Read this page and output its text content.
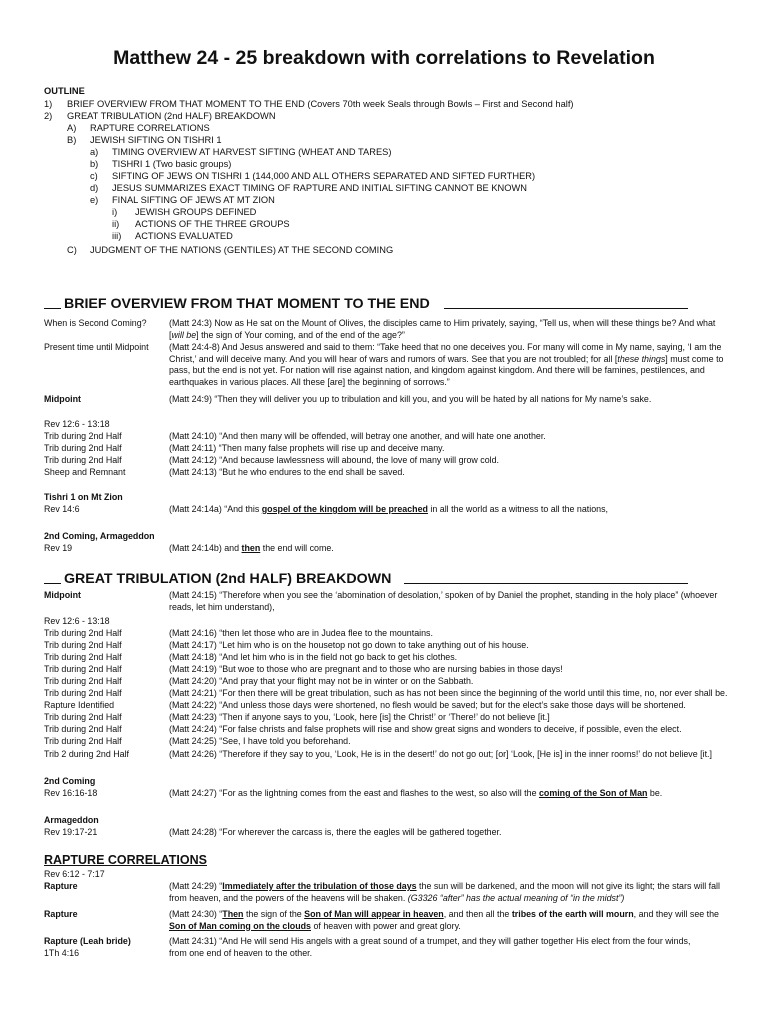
Matthew 24 - 25 breakdown with correlations to Revelation
OUTLINE
1) BRIEF OVERVIEW FROM THAT MOMENT TO THE END (Covers 70th week Seals through Bowls – First and Second half)
2) GREAT TRIBULATION (2nd HALF) BREAKDOWN
A) RAPTURE CORRELATIONS
B) JEWISH SIFTING ON TISHRI 1
a) TIMING OVERVIEW AT HARVEST SIFTING (WHEAT AND TARES)
b) TISHRI 1 (Two basic groups)
c) SIFTING OF JEWS ON TISHRI 1 (144,000 AND ALL OTHERS SEPARATED AND SIFTED FURTHER)
d) JESUS SUMMARIZES EXACT TIMING OF RAPTURE AND INITIAL SIFTING CANNOT BE KNOWN
e) FINAL SIFTING OF JEWS AT MT ZION
i) JEWISH GROUPS DEFINED
ii) ACTIONS OF THE THREE GROUPS
iii) ACTIONS EVALUATED
C) JUDGMENT OF THE NATIONS (GENTILES) AT THE SECOND COMING
BRIEF OVERVIEW FROM THAT MOMENT TO THE END
When is Second Coming?	(Matt 24:3) Now as He sat on the Mount of Olives, the disciples came to Him privately, saying, “Tell us, when will these things be? And what [will be] the sign of Your coming, and of the end of the age?”
Present time until Midpoint	(Matt 24:4-8) And Jesus answered and said to them: “Take heed that no one deceives you. For many will come in My name, saying, ‘I am the Christ,’ and will deceive many. And you will hear of wars and rumors of wars. See that you are not troubled; for all [these things] must come to pass, but the end is not yet. For nation will rise against nation, and kingdom against kingdom. And there will be famines, pestilences, and earthquakes in various places. All these [are] the beginning of sorrows.”
Midpoint	(Matt 24:9) “Then they will deliver you up to tribulation and kill you, and you will be hated by all nations for My name’s sake.
Rev 12:6 - 13:18
Trib during 2nd Half	(Matt 24:10) “And then many will be offended, will betray one another, and will hate one another.
Trib during 2nd Half	(Matt 24:11) “Then many false prophets will rise up and deceive many.
Trib during 2nd Half	(Matt 24:12) “And because lawlessness will abound, the love of many will grow cold.
Sheep and Remnant	(Matt 24:13) “But he who endures to the end shall be saved.
Tishri 1 on Mt Zion
Rev 14:6	(Matt 24:14a) “And this gospel of the kingdom will be preached in all the world as a witness to all the nations,
2nd Coming, Armageddon
Rev 19	(Matt 24:14b) and then the end will come.
GREAT TRIBULATION (2nd HALF) BREAKDOWN
Midpoint	(Matt 24:15) “Therefore when you see the ‘abomination of desolation,’ spoken of by Daniel the prophet, standing in the holy place” (whoever reads, let him understand),
Rev 12:6 - 13:18
Trib during 2nd Half	(Matt 24:16) “then let those who are in Judea flee to the mountains.
Trib during 2nd Half	(Matt 24:17) “Let him who is on the housetop not go down to take anything out of his house.
Trib during 2nd Half	(Matt 24:18) “And let him who is in the field not go back to get his clothes.
Trib during 2nd Half	(Matt 24:19) “But woe to those who are pregnant and to those who are nursing babies in those days!
Trib during 2nd Half	(Matt 24:20) “And pray that your flight may not be in winter or on the Sabbath.
Trib during 2nd Half	(Matt 24:21) “For then there will be great tribulation, such as has not been since the beginning of the world until this time, no, nor ever shall be.
Rapture Identified	(Matt 24:22) “And unless those days were shortened, no flesh would be saved; but for the elect’s sake those days will be shortened.
Trib during 2nd Half	(Matt 24:23) “Then if anyone says to you, ‘Look, here [is] the Christ!’ or ‘There!’ do not believe [it.]
Trib during 2nd Half	(Matt 24:24) “For false christs and false prophets will rise and show great signs and wonders to deceive, if possible, even the elect.
Trib during 2nd Half	(Matt 24:25) “See, I have told you beforehand.
Trib 2 during 2nd Half	(Matt 24:26) “Therefore if they say to you, ‘Look, He is in the desert!’ do not go out; [or] ‘Look, [He is] in the inner rooms!’ do not believe [it.]
2nd Coming
Rev 16:16-18	(Matt 24:27) “For as the lightning comes from the east and flashes to the west, so also will the coming of the Son of Man be.
Armageddon
Rev 19:17-21	(Matt 24:28) “For wherever the carcass is, there the eagles will be gathered together.
RAPTURE CORRELATIONS
Rev 6:12 - 7:17
Rapture	(Matt 24:29) “Immediately after the tribulation of those days the sun will be darkened, and the moon will not give its light; the stars will fall from heaven, and the powers of the heavens will be shaken. (G3326 “after” has the actual meaning of “in the midst”)
Rapture	(Matt 24:30) “Then the sign of the Son of Man will appear in heaven, and then all the tribes of the earth will mourn, and they will see the Son of Man coming on the clouds of heaven with power and great glory.
Rapture (Leah bride)	(Matt 24:31) “And He will send His angels with a great sound of a trumpet, and they will gather together His elect from the four winds,
1Th 4:16	from one end of heaven to the other.
